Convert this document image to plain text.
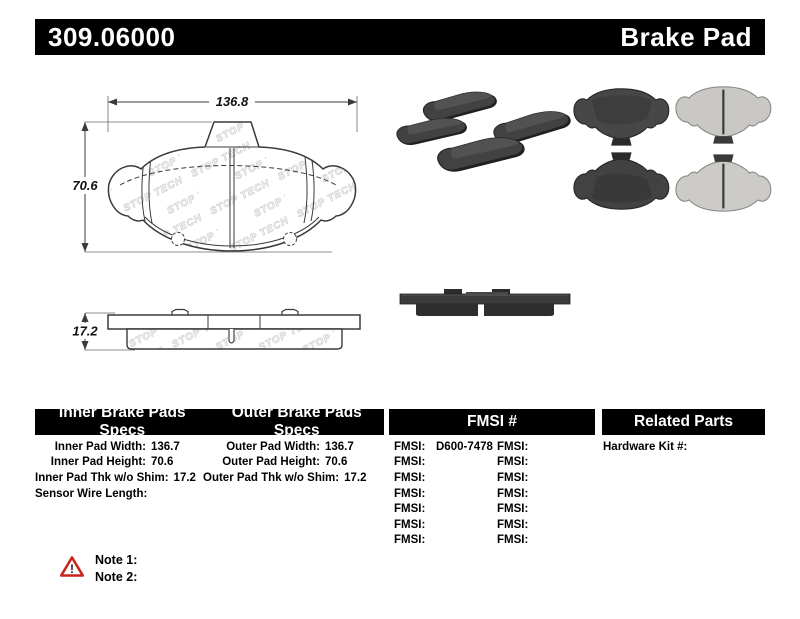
309.06000	Brake Pad
136.8
70.6
17.2
Inner Brake Pads Specs
Outer Brake Pads Specs
FMSI #	Related Parts
Inner Pad Width: 136.7
Inner Pad Height: 70.6
Inner Pad Thk w/o Shim: 17.2
Sensor Wire Length:
Outer Pad Width: 136.7
Outer Pad Height: 70.6
Outer Pad Thk w/o Shim: 17.2
FMSI: D600-7478
FMSI:
FMSI:
FMSI:
FMSI:
FMSI:
FMSI:
FMSI:
FMSI:
FMSI:
FMSI:
FMSI:
FMSI:
FMSI:
Hardware Kit #:
!
Note 1:
Note 2:
